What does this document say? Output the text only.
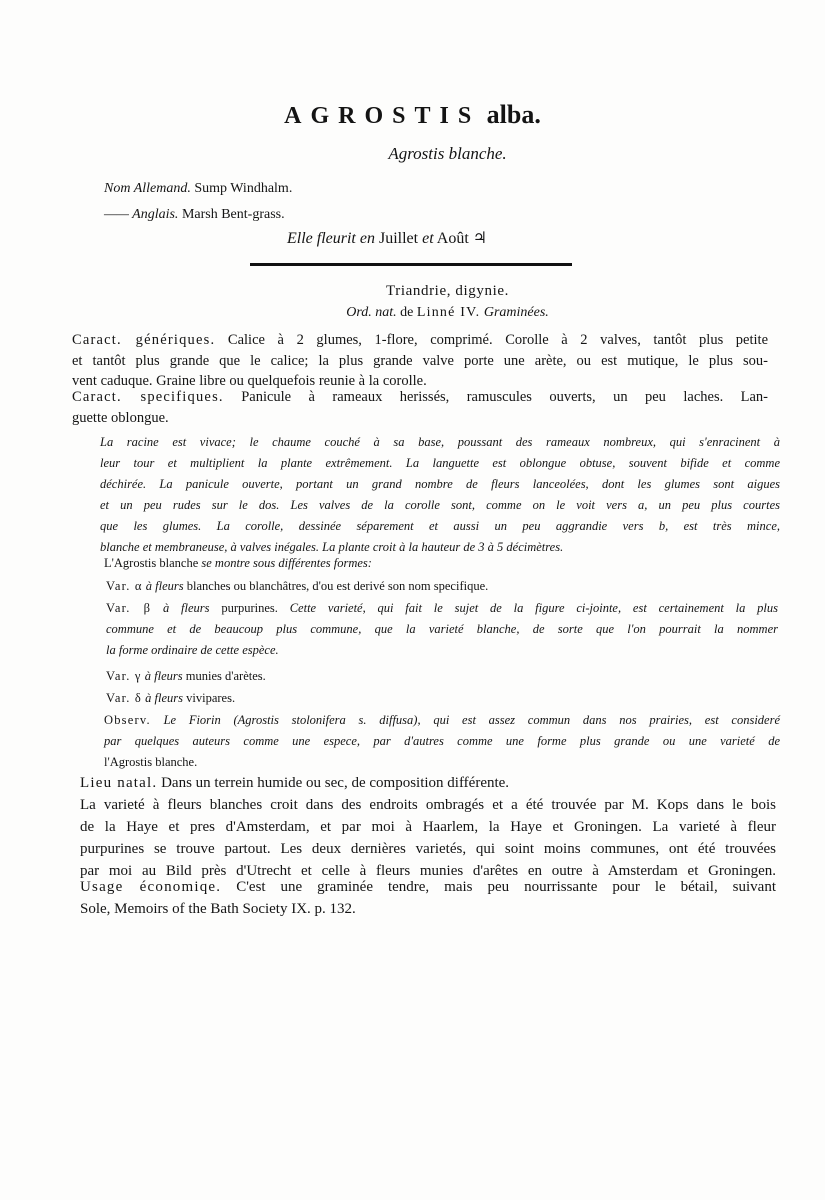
AGROSTIS alba.
Agrostis blanche.
Nom Allemand. Sump Windhalm.
—— Anglais. Marsh Bent-grass.
Elle fleurit en Juillet et Août ♃
Triandrie, digynie.
Ord. nat. de Linné IV. Graminées.
Caract. génériques. Calice à 2 glumes, 1-flore, comprimé. Corolle à 2 valves, tantôt plus petite
et tantôt plus grande que le calice; la plus grande valve porte une arète, ou est mutique, le plus sou-
vent caduque. Graine libre ou quelquefois reunie à la corolle.
Caract. specifiques. Panicule à rameaux herissés, ramuscules ouverts, un peu laches. Lan-
guette oblongue.
La racine est vivace; le chaume couché à sa base, poussant des rameaux nombreux, qui s'enracinent à
leur tour et multiplient la plante extrêmement. La languette est oblongue obtuse, souvent bifide et comme
déchirée. La panicule ouverte, portant un grand nombre de fleurs lanceolées, dont les glumes sont aigues
et un peu rudes sur le dos. Les valves de la corolle sont, comme on le voit vers a, un peu plus courtes
que les glumes. La corolle, dessinée séparement et aussi un peu aggrandie vers b, est très mince,
blanche et membraneuse, à valves inégales. La plante croit à la hauteur de 3 à 5 décimètres.
L'Agrostis blanche se montre sous différentes formes:
Var. α à fleurs blanches ou blanchâtres, d'ou est derivé son nom specifique.
Var. β à fleurs purpurines. Cette varieté, qui fait le sujet de la figure ci-jointe, est certainement la plus
commune et de beaucoup plus commune, que la varieté blanche, de sorte que l'on pourrait la nommer
la forme ordinaire de cette espèce.
Var. γ à fleurs munies d'arètes.
Var. δ à fleurs vivipares.
Observ. Le Fiorin (Agrostis stolonifera s. diffusa), qui est assez commun dans nos prairies, est consideré
par quelques auteurs comme une espece, par d'autres comme une forme plus grande ou une varieté de
l'Agrostis blanche.
Lieu natal. Dans un terrein humide ou sec, de composition différente.
La varieté à fleurs blanches croit dans des endroits ombragés et a été trouvée par M. Kops dans le bois
de la Haye et pres d'Amsterdam, et par moi à Haarlem, la Haye et Groningen. La varieté à fleur
purpurines se trouve partout. Les deux dernières varietés, qui soint moins communes, ont été trouvées
par moi au Bild près d'Utrecht et celle à fleurs munies d'arêtes en outre à Amsterdam et Groningen.
Usage économiqe. C'est une graminée tendre, mais peu nourrissante pour le bétail, suivant
Sole, Memoirs of the Bath Society IX. p. 132.
